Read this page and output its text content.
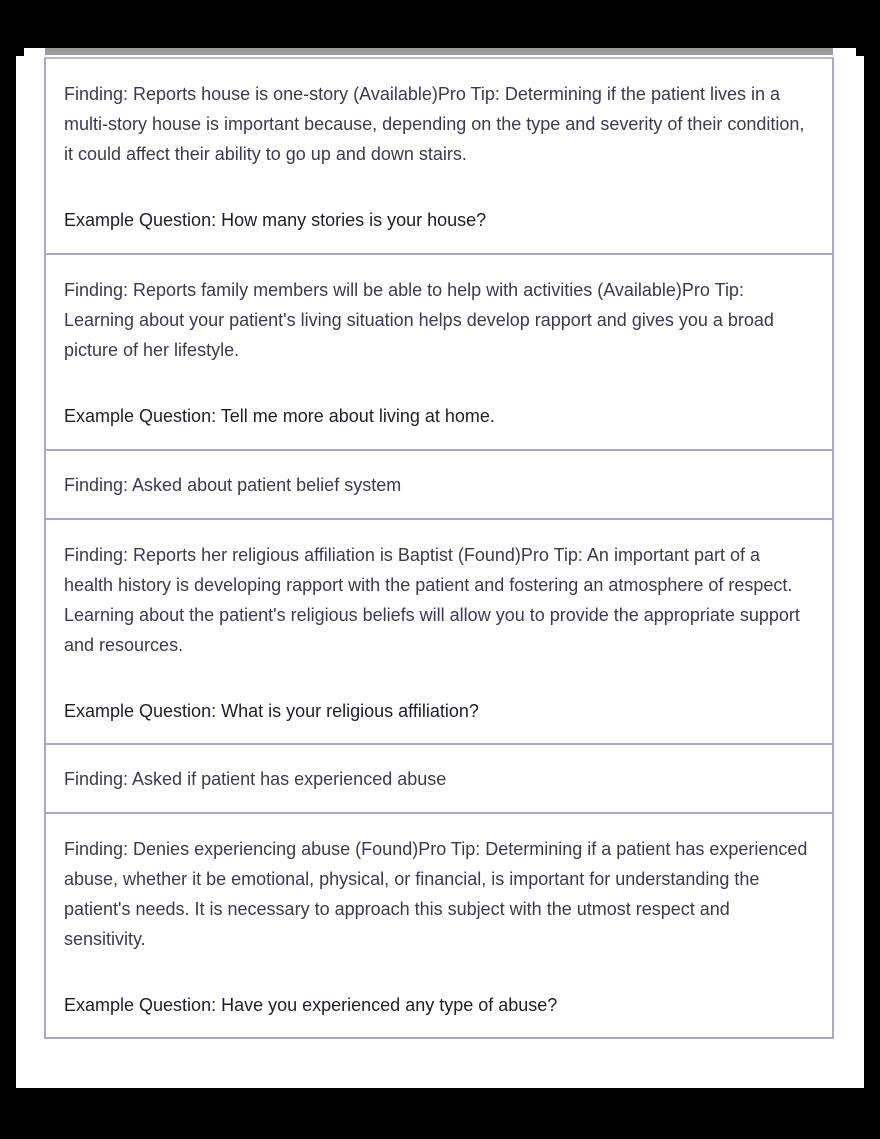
Finding: Reports house is one-story (Available)Pro Tip: Determining if the patient lives in a multi-story house is important because, depending on the type and severity of their condition, it could affect their ability to go up and down stairs.
Example Question: How many stories is your house?
Finding: Reports family members will be able to help with activities (Available)Pro Tip: Learning about your patient's living situation helps develop rapport and gives you a broad picture of her lifestyle.
Example Question: Tell me more about living at home.
Finding: Asked about patient belief system
Finding: Reports her religious affiliation is Baptist (Found)Pro Tip: An important part of a health history is developing rapport with the patient and fostering an atmosphere of respect. Learning about the patient's religious beliefs will allow you to provide the appropriate support and resources.
Example Question: What is your religious affiliation?
Finding: Asked if patient has experienced abuse
Finding: Denies experiencing abuse (Found)Pro Tip: Determining if a patient has experienced abuse, whether it be emotional, physical, or financial, is important for understanding the patient's needs. It is necessary to approach this subject with the utmost respect and sensitivity.
Example Question: Have you experienced any type of abuse?
